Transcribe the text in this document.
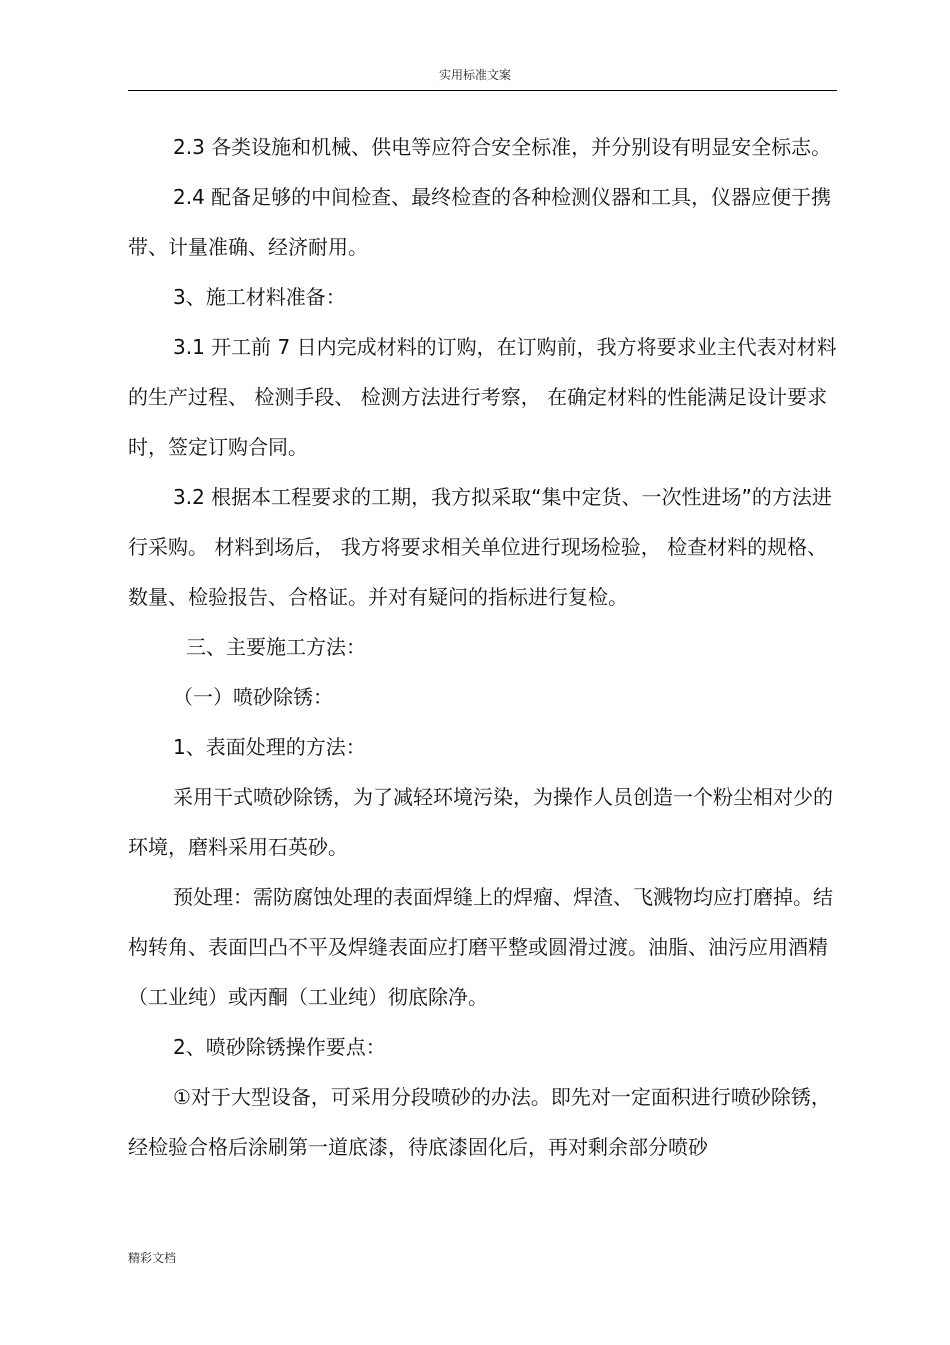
实用标准文案

2.3 各类设施和机械、供电等应符合安全标准，并分别设有明显安全标志。

2.4 配备足够的中间检查、最终检查的各种检测仪器和工具，仪器应便于携带、计量准确、经济耐用。

3、施工材料准备：

3.1 开工前 7 日内完成材料的订购，在订购前，我方将要求业主代表对材料的生产过程、 检测手段、 检测方法进行考察， 在确定材料的性能满足设计要求时，签定订购合同。

3.2 根据本工程要求的工期，我方拟采取“集中定货、一次性进场”的方法进行采购。 材料到场后， 我方将要求相关单位进行现场检验， 检查材料的规格、数量、检验报告、合格证。并对有疑问的指标进行复检。

三、主要施工方法：

（一）喷砂除锈：

1、表面处理的方法：

采用干式喷砂除锈，为了减轻环境污染，为操作人员创造一个粉尘相对少的环境，磨料采用石英砂。

预处理：需防腐蚀处理的表面焊缝上的焊瘤、焊渣、飞溅物均应打磨掉。结构转角、表面凹凸不平及焊缝表面应打磨平整或圆滑过渡。油脂、油污应用酒精（工业纯）或丙酮（工业纯）彻底除净。

2、喷砂除锈操作要点：

①对于大型设备，可采用分段喷砂的办法。即先对一定面积进行喷砂除锈，经检验合格后涂刷第一道底漆，待底漆固化后，再对剩余部分喷砂

精彩文档
